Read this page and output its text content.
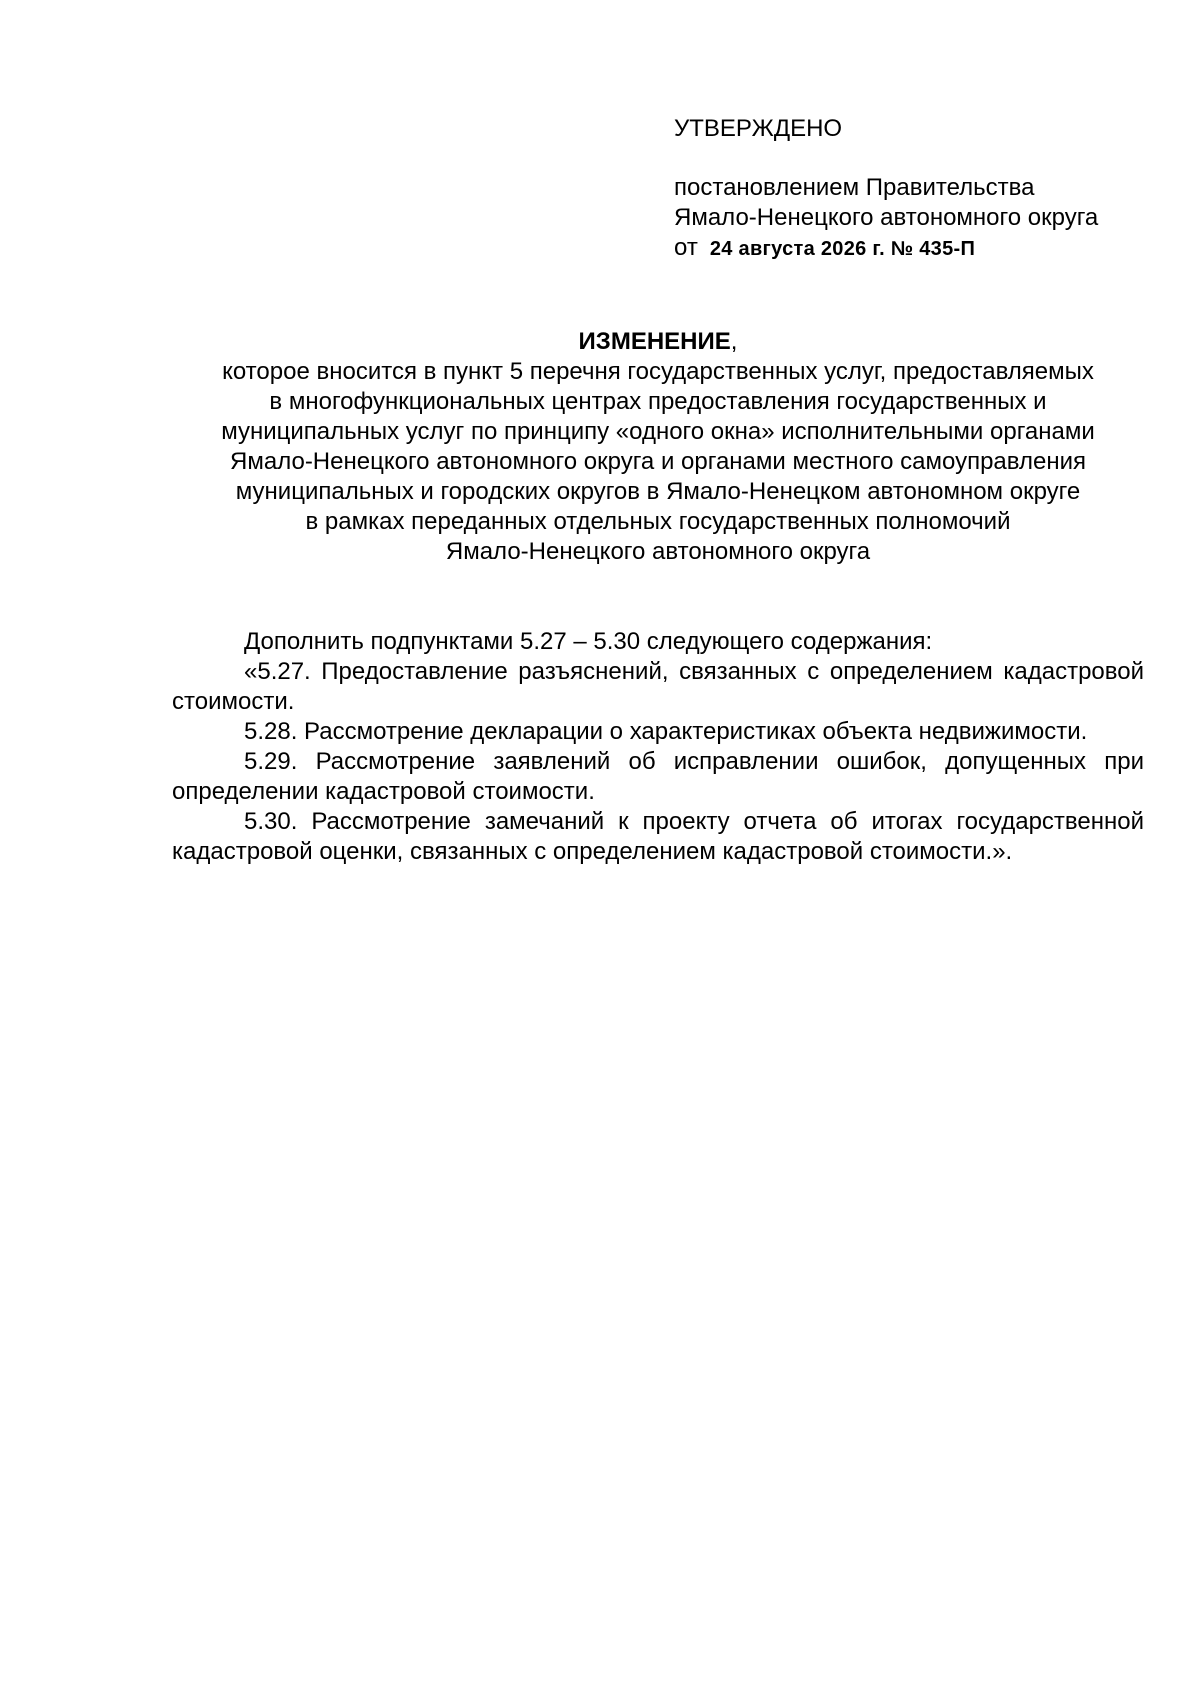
УТВЕРЖДЕНО
постановлением Правительства
Ямало-Ненецкого автономного округа
от 24 августа 2026 г. № 435-П
ИЗМЕНЕНИЕ,
которое вносится в пункт 5 перечня государственных услуг, предоставляемых
в многофункциональных центрах предоставления государственных и
муниципальных услуг по принципу «одного окна» исполнительными органами
Ямало-Ненецкого автономного округа и органами местного самоуправления
муниципальных и городских округов в Ямало-Ненецком автономном округе
в рамках переданных отдельных государственных полномочий
Ямало-Ненецкого автономного округа

Дополнить подпунктами 5.27 – 5.30 следующего содержания:

«5.27. Предоставление разъяснений, связанных с определением кадастровой стоимости.

5.28. Рассмотрение декларации о характеристиках объекта недвижимости.

5.29. Рассмотрение заявлений об исправлении ошибок, допущенных при определении кадастровой стоимости.

5.30. Рассмотрение замечаний к проекту отчета об итогах государственной кадастровой оценки, связанных с определением кадастровой стоимости.».
